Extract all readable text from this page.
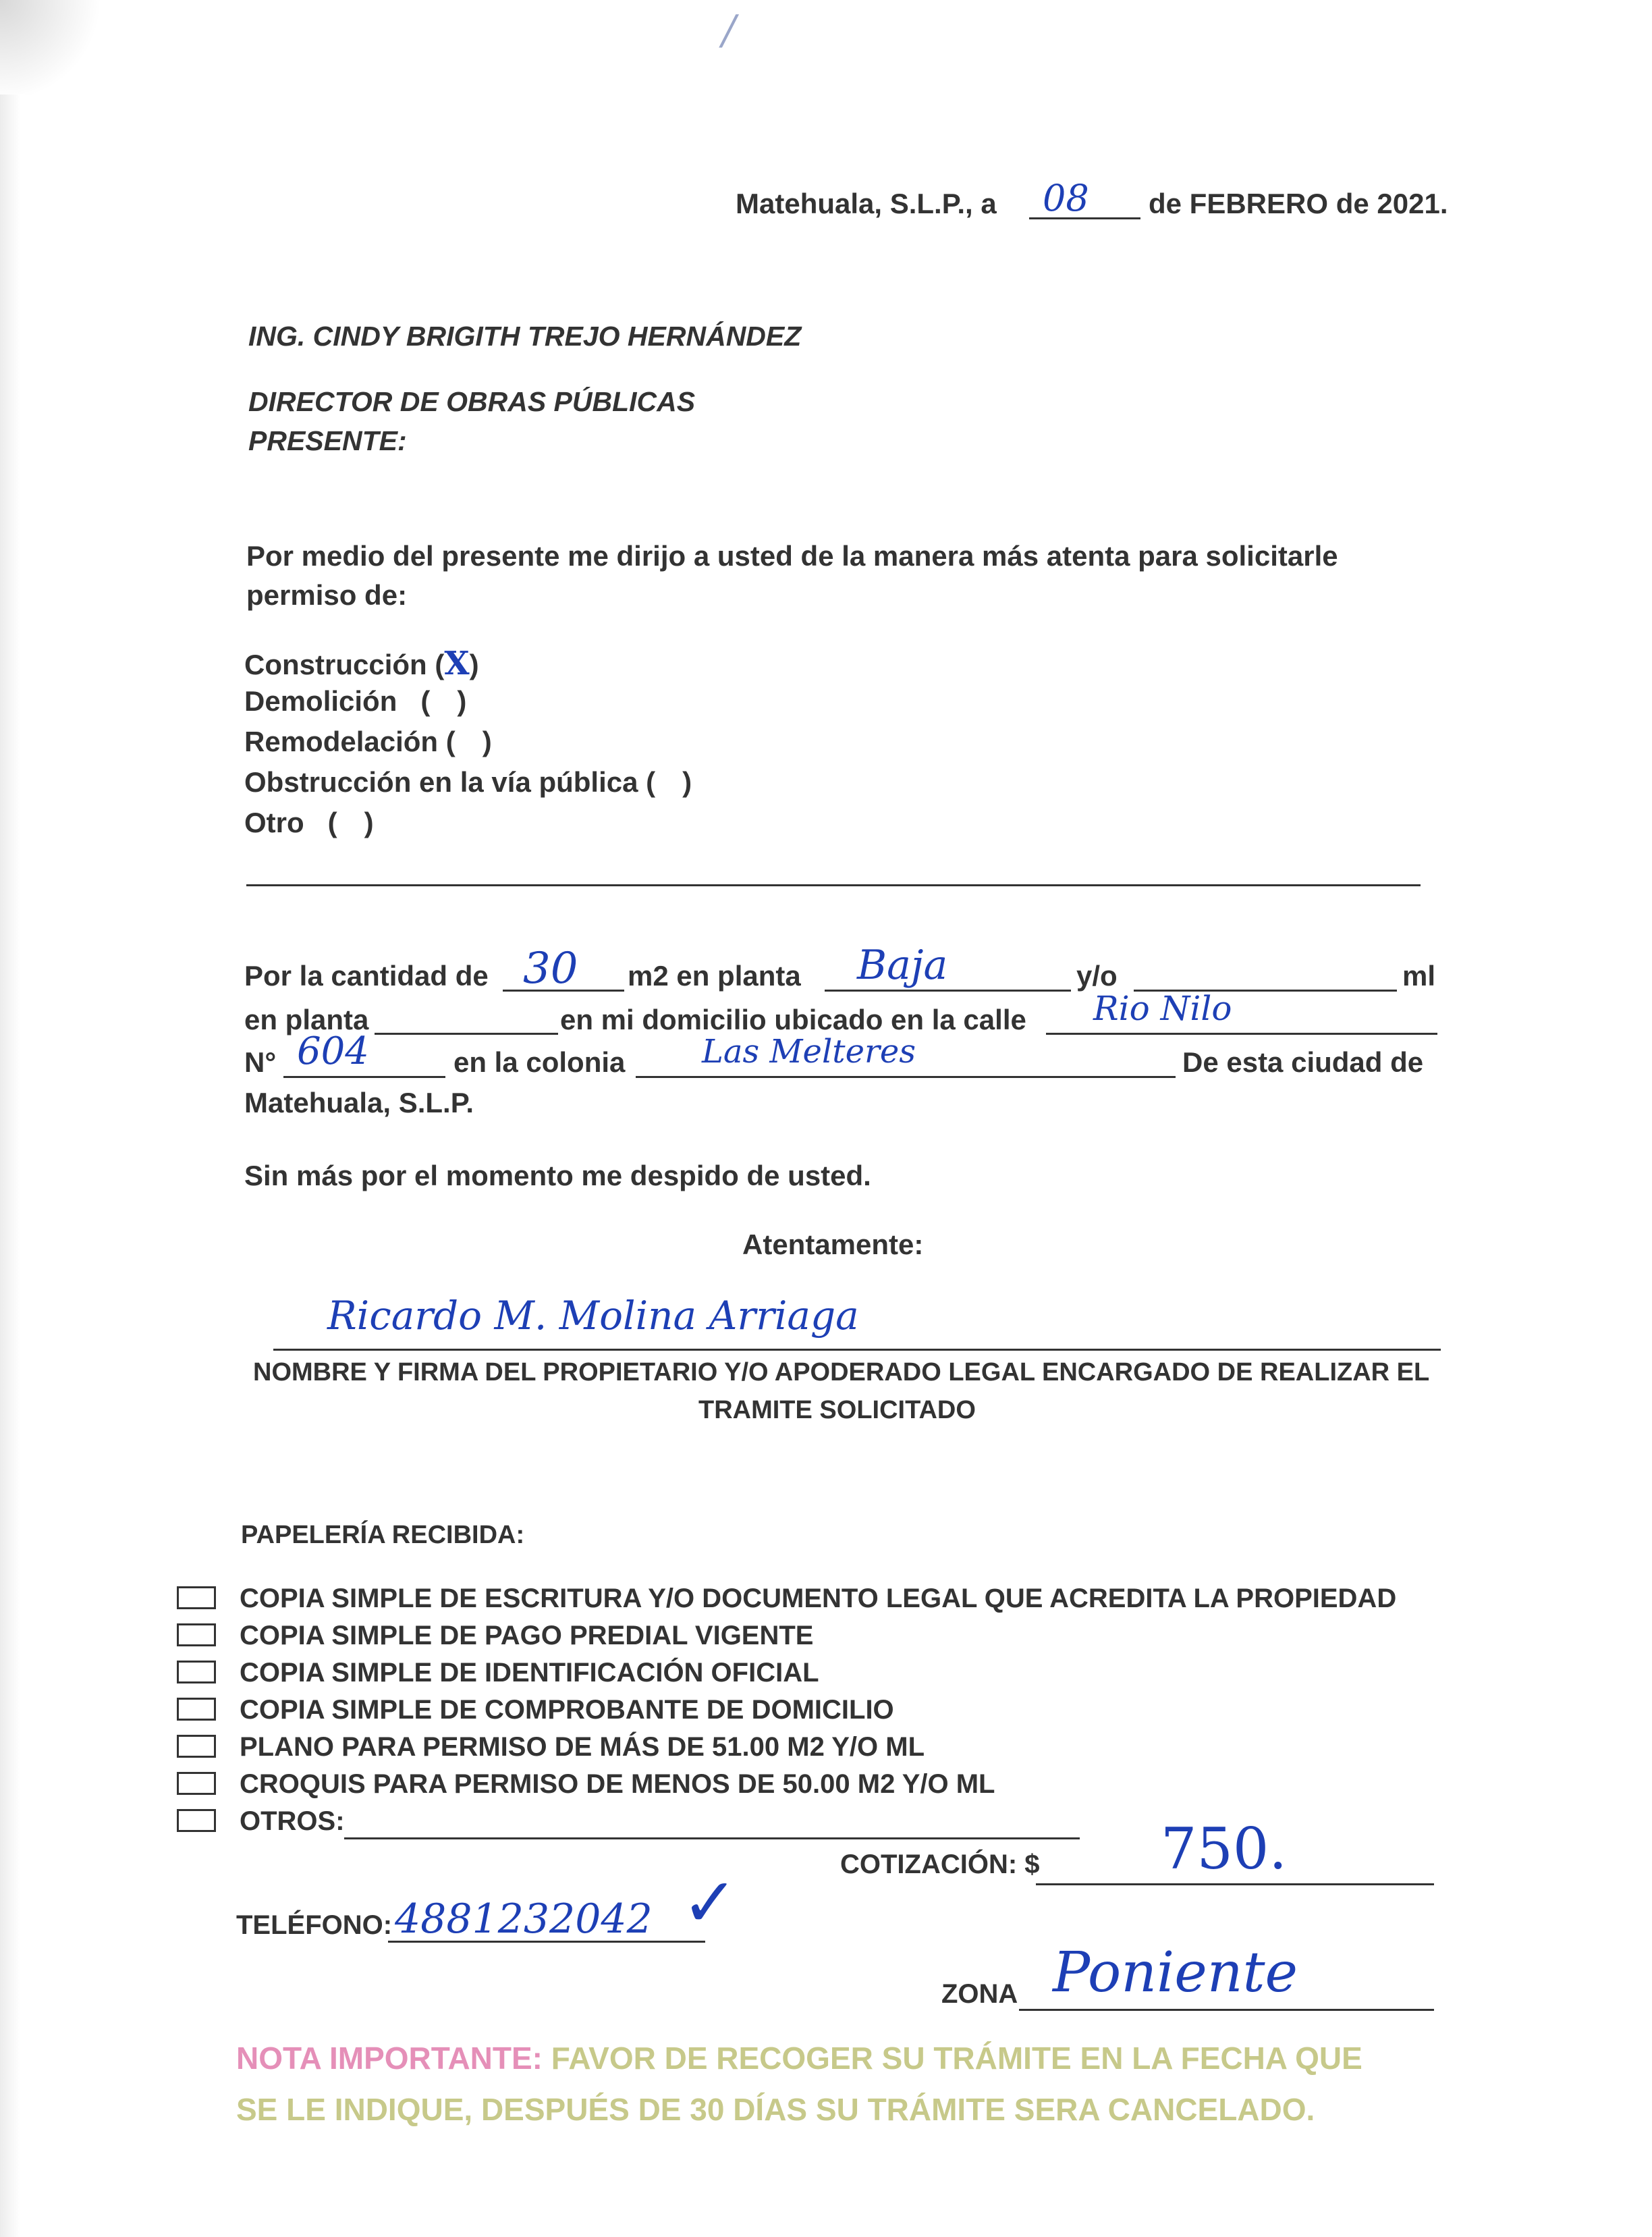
/
Matehuala, S.L.P., a 08 de FEBRERO de 2021.
ING. CINDY BRIGITH TREJO HERNÁNDEZ
DIRECTOR DE OBRAS PÚBLICAS
PRESENTE:
Por medio del presente me dirijo a usted de la manera más atenta para solicitarle
permiso de:
Construcción (X)
Demolición   ( )
Remodelación ( )
Obstrucción en la vía pública ( )
Otro   ( )
Por la cantidad de 30 m2 en planta Baja	y/o	ml
en planta	en mi domicilio ubicado en la calle Rio Nilo
N° 604	en la colonia Las Melteres	De esta ciudad de
Matehuala, S.L.P.
Sin más por el momento me despido de usted.
Atentamente:
Ricardo M. Molina Arriaga
NOMBRE Y FIRMA DEL PROPIETARIO Y/O APODERADO LEGAL ENCARGADO DE REALIZAR EL
TRAMITE SOLICITADO
PAPELERÍA RECIBIDA:
COPIA SIMPLE DE ESCRITURA Y/O DOCUMENTO LEGAL QUE ACREDITA LA PROPIEDAD
COPIA SIMPLE DE PAGO PREDIAL VIGENTE
COPIA SIMPLE DE IDENTIFICACIÓN OFICIAL
COPIA SIMPLE DE COMPROBANTE DE DOMICILIO
PLANO PARA PERMISO DE MÁS DE 51.00 M2 Y/O ML
CROQUIS PARA PERMISO DE MENOS DE 50.00 M2 Y/O ML
OTROS:
COTIZACIÓN: $ 750.
TELÉFONO: 4881232042 ✓
ZONA Poniente
NOTA IMPORTANTE: FAVOR DE RECOGER SU TRÁMITE EN LA FECHA QUE
SE LE INDIQUE, DESPUÉS DE 30 DÍAS SU TRÁMITE SERA CANCELADO.
